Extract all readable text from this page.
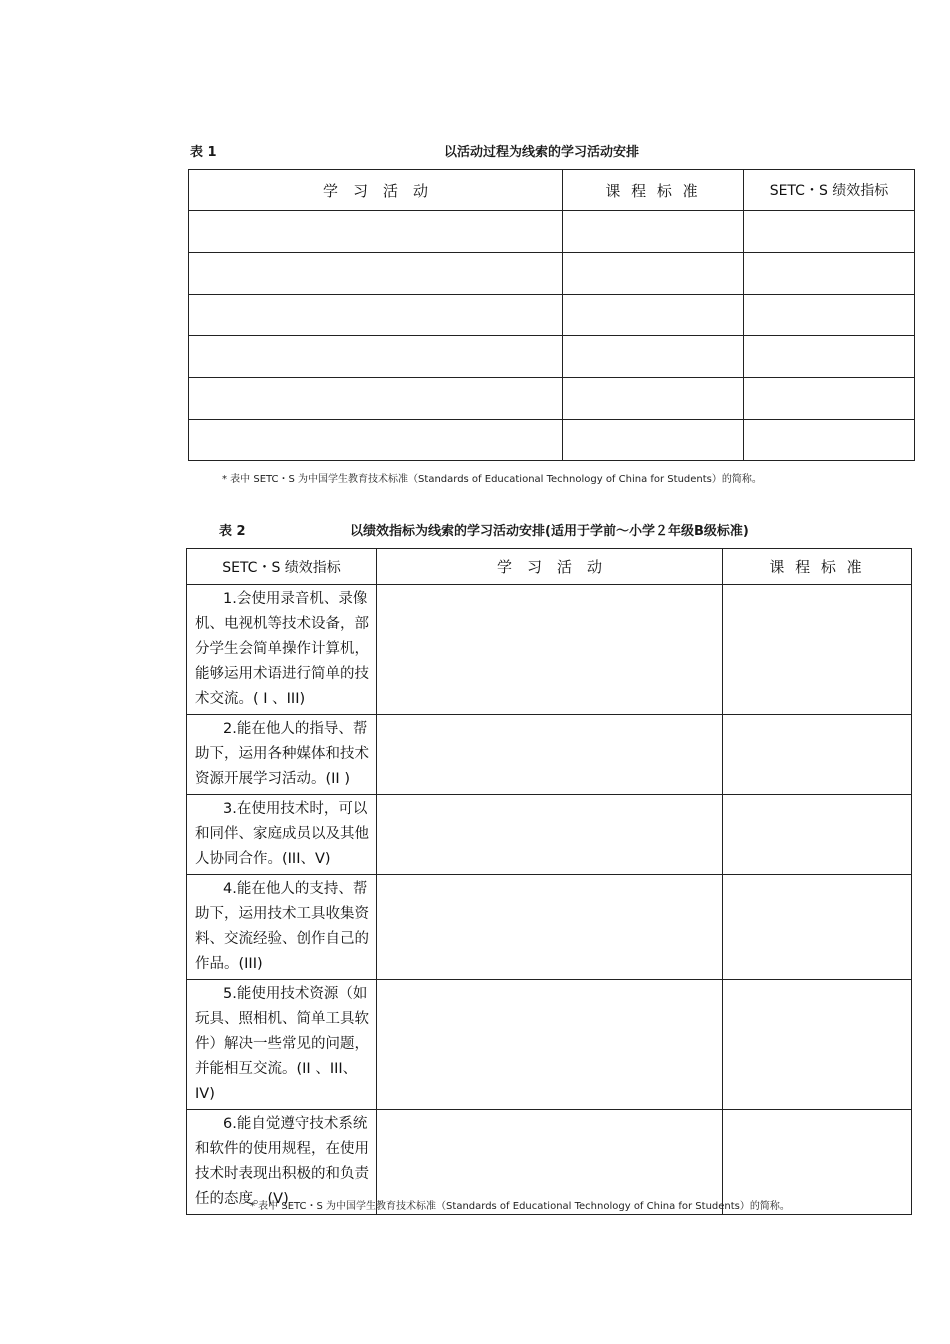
表 1	以活动过程为线索的学习活动安排
学　习　活　动	课 程 标 准	SETC・S 绩效指标

* 表中 SETC・S 为中国学生教育技术标准（Standards of Educational Technology of China for Students）的简称。
表 2	以绩效指标为线索的学习活动安排(适用于学前～小学２年级B级标准)
SETC・S 绩效指标	学　习　活　动	课 程 标 准
1.会使用录音机、录像机、电视机等技术设备，部分学生会简单操作计算机，能够运用术语进行简单的技术交流。( I 、III)		
2.能在他人的指导、帮助下，运用各种媒体和技术资源开展学习活动。(II )		
3.在使用技术时，可以和同伴、家庭成员以及其他人协同合作。(III、V)		
4.能在他人的支持、帮助下，运用技术工具收集资料、交流经验、创作自己的作品。(III)		
5.能使用技术资源（如玩具、照相机、简单工具软件）解决一些常见的问题，并能相互交流。(II 、III、IV)		
6.能自觉遵守技术系统和软件的使用规程，在使用技术时表现出积极的和负责任的态度。(V)		
* 表中 SETC・S 为中国学生教育技术标准（Standards of Educational Technology of China for Students）的简称。
